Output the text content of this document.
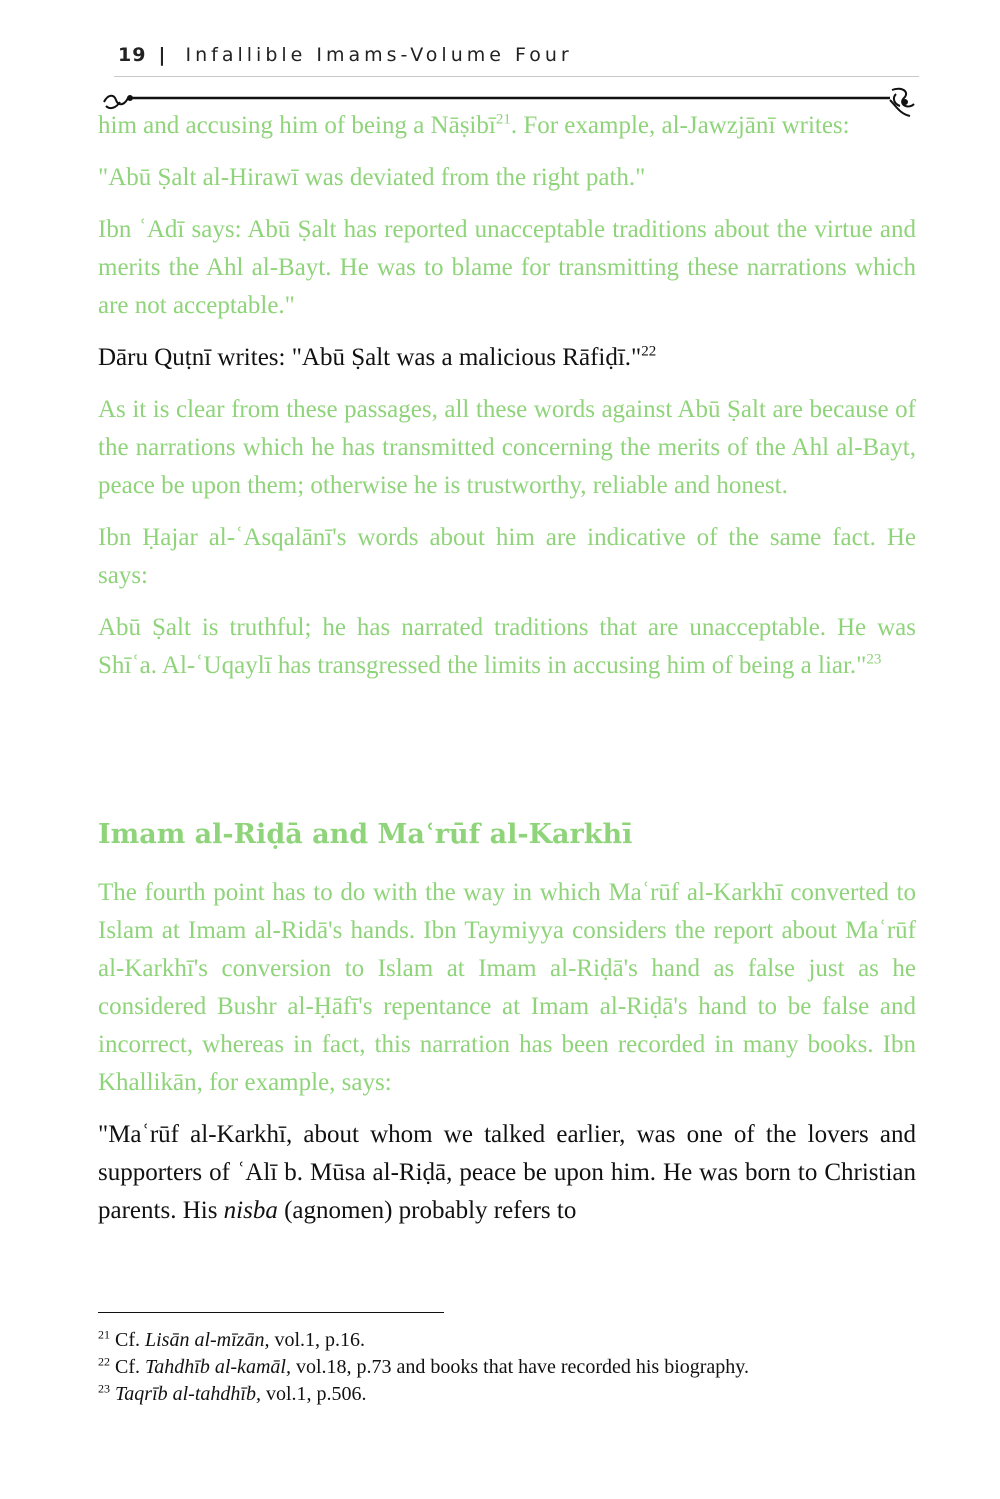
19 | Infallible Imams-Volume Four

him and accusing him of being a Nāṣibī$^{21}$. For example, al-Jawzjānī writes:

"Abū Ṣalt al-Hirawī was deviated from the right path."

Ibn ʿAdī says: Abū Ṣalt has reported unacceptable traditions about the virtue and merits the Ahl al-Bayt. He was to blame for transmitting these narrations which are not acceptable."

Dāru Quṭnī writes: "Abū Ṣalt was a malicious Rāfiḍī."$^{22}$

As it is clear from these passages, all these words against Abū Ṣalt are because of the narrations which he has transmitted concerning the merits of the Ahl al-Bayt, peace be upon them; otherwise he is trustworthy, reliable and honest.

Ibn Ḥajar al-ʿAsqalānī's words about him are indicative of the same fact. He says:

Abū Ṣalt is truthful; he has narrated traditions that are unacceptable. He was Shīʿa. Al-ʿUqaylī has transgressed the limits in accusing him of being a liar."$^{23}$

Imam al-Riḍā and Maʿrūf al-Karkhī

The fourth point has to do with the way in which Maʿrūf al-Karkhī converted to Islam at Imam al-Ridā's hands. Ibn Taymiyya considers the report about Maʿrūf al-Karkhī's conversion to Islam at Imam al-Riḍā's hand as false just as he considered Bushr al-Ḥāfī's repentance at Imam al-Riḍā's hand to be false and incorrect, whereas in fact, this narration has been recorded in many books. Ibn Khallikān, for example, says:

"Maʿrūf al-Karkhī, about whom we talked earlier, was one of the lovers and supporters of ʿAlī b. Mūsa al-Riḍā, peace be upon him. He was born to Christian parents. His nisba (agnomen) probably refers to

$^{21}$ Cf. Lisān al-mīzān, vol.1, p.16.
$^{22}$ Cf. Tahdhīb al-kamāl, vol.18, p.73 and books that have recorded his biography.
$^{23}$ Taqrīb al-tahdhīb, vol.1, p.506.
